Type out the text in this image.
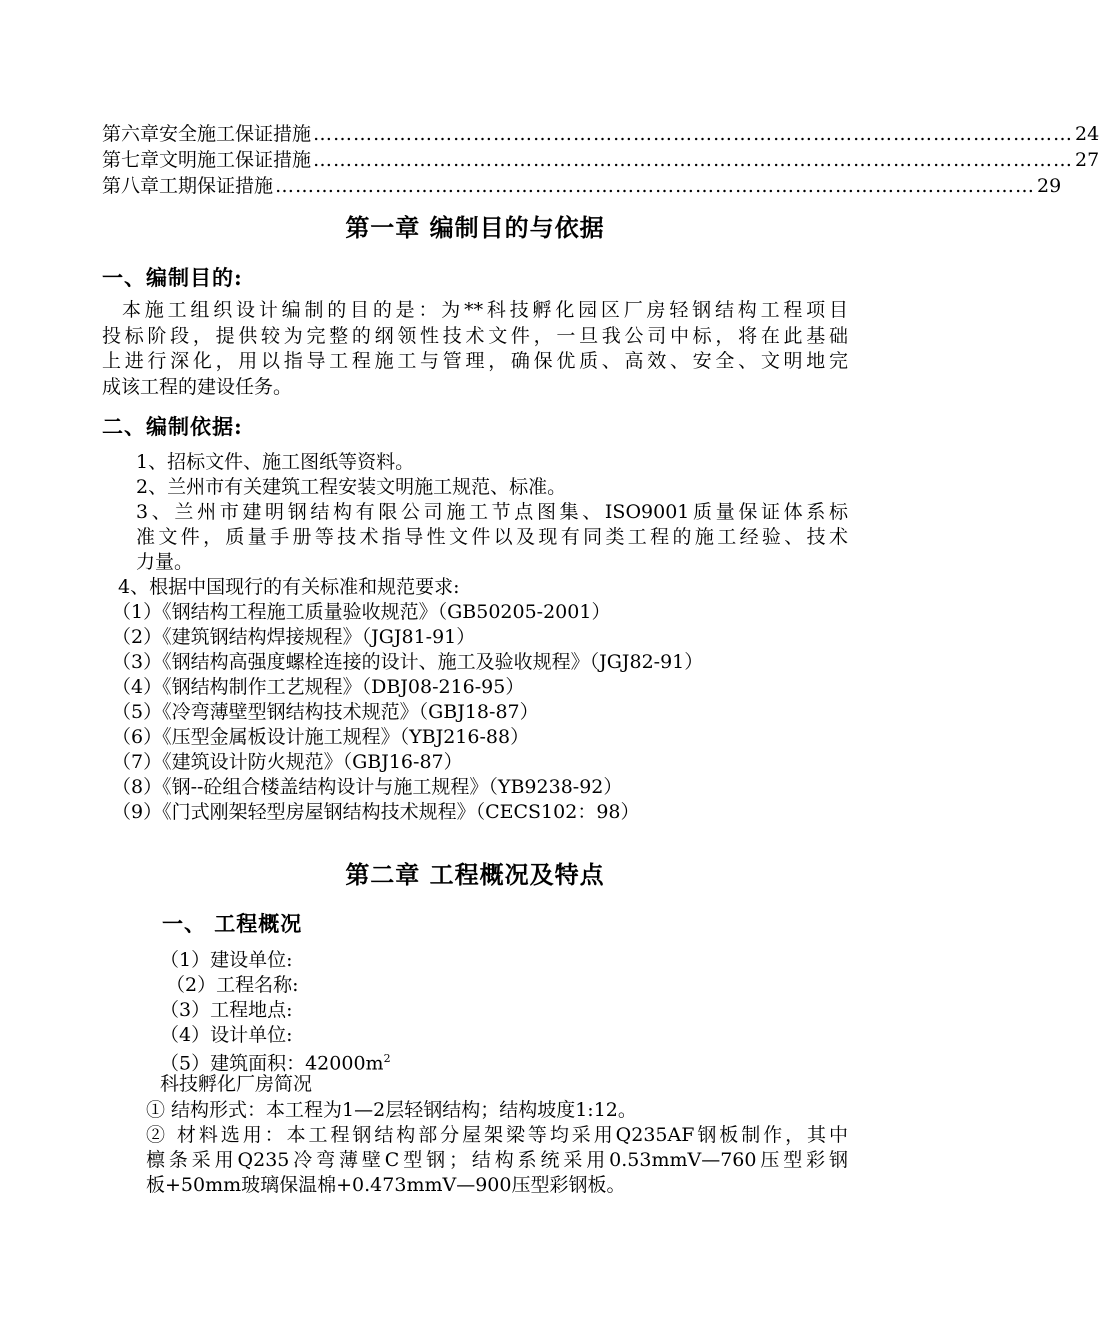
第六章 安全施工保证措施 …………………………………………………………………………………………………… 24
第七章 文明施工保证措施 …………………………………………………………………………………………………… 27
第八章 工期保证措施 …………………………………………………………………………………………………… 29
第一章 编制目的与依据
一、编制目的:
本施工组织设计编制的目的是：为**科技孵化园区厂房轻钢结构工程项目
投标阶段，提供较为完整的纲领性技术文件，一旦我公司中标，将在此基础
上进行深化，用以指导工程施工与管理，确保优质、高效、安全、文明地完
成该工程的建设任务。
二、编制依据:
1、招标文件、施工图纸等资料。
2、兰州市有关建筑工程安装文明施工规范、标准。
3、兰州市建明钢结构有限公司施工节点图集、ISO9001质量保证体系标
准文件，质量手册等技术指导性文件以及现有同类工程的施工经验、技术
力量。
4、根据中国现行的有关标准和规范要求:
（1）《钢结构工程施工质量验收规范》（GB50205-2001）
（2）《建筑钢结构焊接规程》（JGJ81-91）
（3）《钢结构高强度螺栓连接的设计、施工及验收规程》（JGJ82-91）
（4）《钢结构制作工艺规程》（DBJ08-216-95）
（5）《冷弯薄壁型钢结构技术规范》（GBJ18-87）
（6）《压型金属板设计施工规程》（YBJ216-88）
（7）《建筑设计防火规范》（GBJ16-87）
（8）《钢--砼组合楼盖结构设计与施工规程》（YB9238-92）
（9）《门式刚架轻型房屋钢结构技术规程》（CECS102：98）
第二章 工程概况及特点
一、 工程概况
（1）建设单位:
（2）工程名称:
（3）工程地点:
（4）设计单位:
（5）建筑面积：$42000m^2$
科技孵化厂房简况
① 结构形式：本工程为1—2层轻钢结构；结构坡度1:12。
② 材料选用：本工程钢结构部分屋架梁等均采用Q235AF钢板制作，其中
檩条采用Q235冷弯薄壁C型钢；结构系统采用0.53mmV—760压型彩钢
板+50mm玻璃保温棉+0.473mmV—900压型彩钢板。
